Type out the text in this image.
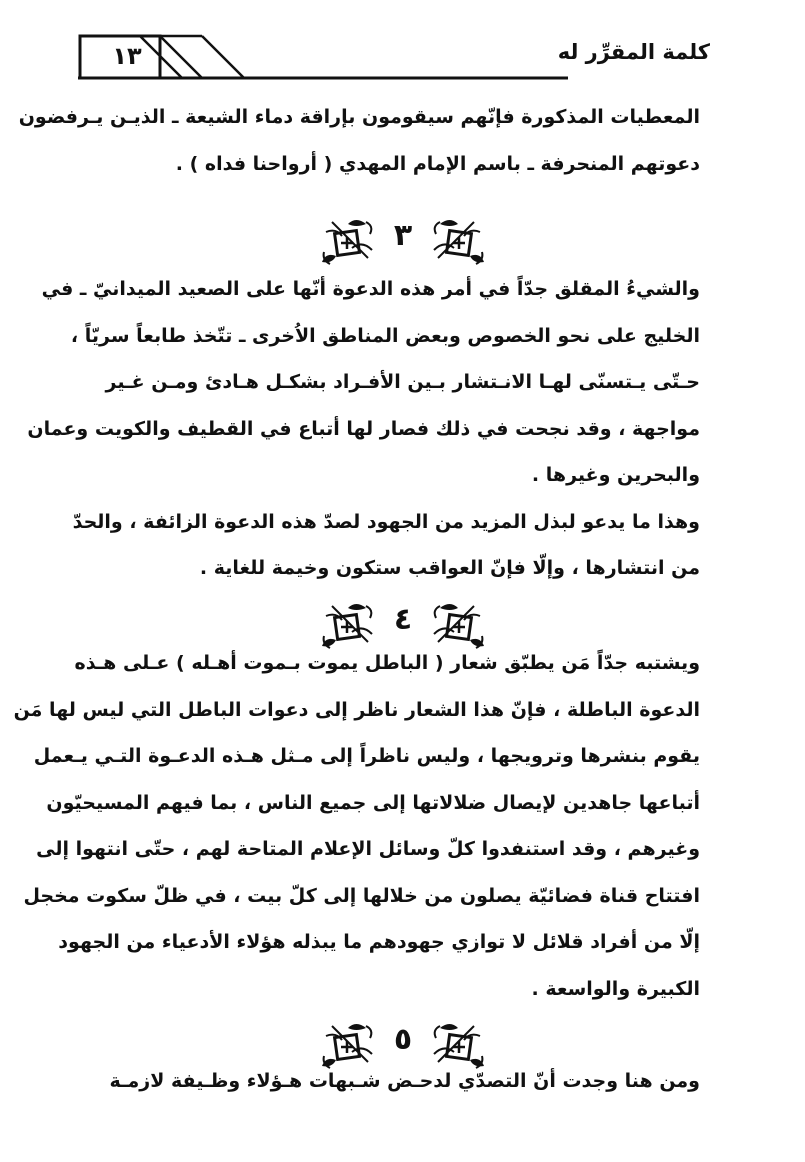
١٣	كلمة المقرِّر له

المعطيات المذكورة فإنّهم سيقومون بإراقة دماء الشيعة ـ الذيـن يـرفضون
دعوتهم المنحرفة ـ باسم الإمام المهدي ( أرواحنا فداه ) .

٣
والشيءُ المقلق جدّاً في أمر هذه الدعوة أنّها على الصعيد الميدانيّ ـ في
الخليج على نحو الخصوص وبعض المناطق الاُخرى ـ تتّخذ طابعاً سريّاً ،
حـتّى يـتسنّى لهـا الانـتشار بـين الأفـراد بشكـل هـادئ ومـن غـير
مواجهة ، وقد نجحت في ذلك فصار لها أتباع في القطيف والكويت وعمان
والبحرين وغيرها .
وهذا ما يدعو لبذل المزيد من الجهود لصدّ هذه الدعوة الزائفة ، والحدّ
من انتشارها ، وإلّا فإنّ العواقب ستكون وخيمة للغاية .
٤
ويشتبه جدّاً مَن يطبّق شعار ( الباطل يموت بـموت أهـله ) عـلى هـذه
الدعوة الباطلة ، فإنّ هذا الشعار ناظر إلى دعوات الباطل التي ليس لها مَن
يقوم بنشرها وترويجها ، وليس ناظراً إلى مـثل هـذه الدعـوة التـي يـعمل
أتباعها جاهدين لإيصال ضلالاتها إلى جميع الناس ، بما فيهم المسيحيّون
وغيرهم ، وقد استنفدوا كلّ وسائل الإعلام المتاحة لهم ، حتّى انتهوا إلى
افتتاح قناة فضائيّة يصلون من خلالها إلى كلّ بيت ، في ظلّ سكوت مخجل
إلّا من أفراد قلائل لا توازي جهودهم ما يبذله هؤلاء الأدعياء من الجهود
الكبيرة والواسعة .
٥
ومن هنا وجدت أنّ التصدّي لدحـض شـبهات هـؤلاء وظـيفة لازمـة
